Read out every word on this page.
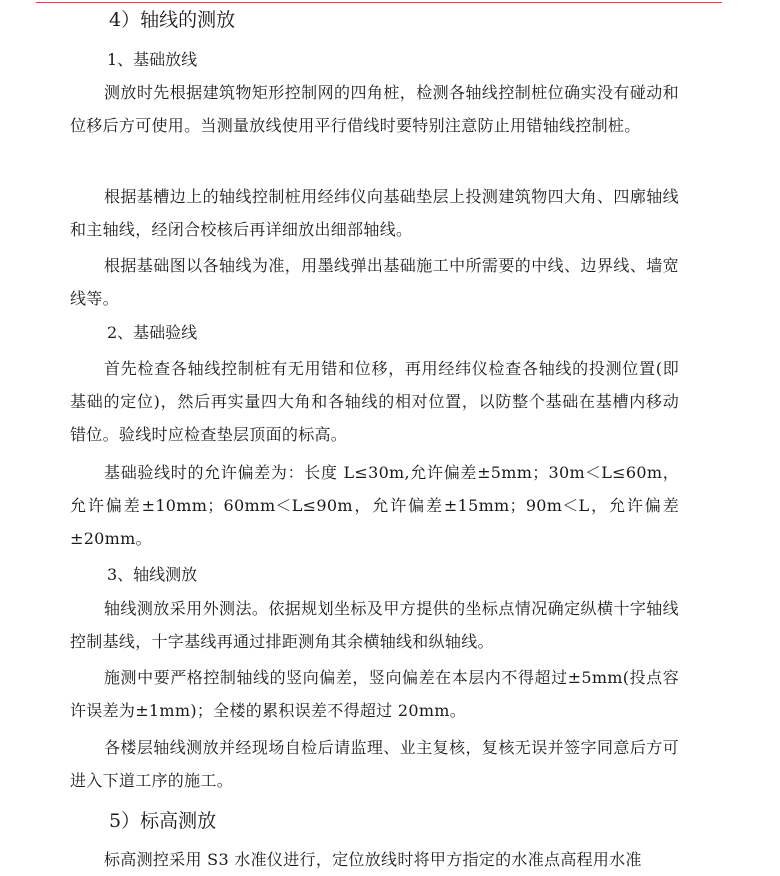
4）轴线的测放
1、基础放线
测放时先根据建筑物矩形控制网的四角桩，检测各轴线控制桩位确实没有碰动和位移后方可使用。当测量放线使用平行借线时要特别注意防止用错轴线控制桩。
根据基槽边上的轴线控制桩用经纬仪向基础垫层上投测建筑物四大角、四廓轴线和主轴线，经闭合校核后再详细放出细部轴线。
根据基础图以各轴线为准，用墨线弹出基础施工中所需要的中线、边界线、墙宽线等。
2、基础验线
首先检查各轴线控制桩有无用错和位移，再用经纬仪检查各轴线的投测位置(即基础的定位)，然后再实量四大角和各轴线的相对位置，以防整个基础在基槽内移动错位。验线时应检查垫层顶面的标高。
基础验线时的允许偏差为：长度 L≤30m,允许偏差±5mm；30m＜L≤60m，允许偏差±10mm；60mm＜L≤90m，允许偏差±15mm；90m＜L，允许偏差±20mm。
3、轴线测放
轴线测放采用外测法。依据规划坐标及甲方提供的坐标点情况确定纵横十字轴线控制基线，十字基线再通过排距测角其余横轴线和纵轴线。
施测中要严格控制轴线的竖向偏差，竖向偏差在本层内不得超过±5mm(投点容许误差为±1mm)；全楼的累积误差不得超过 20mm。
各楼层轴线测放并经现场自检后请监理、业主复核，复核无误并签字同意后方可进入下道工序的施工。
5）标高测放
标高测控采用 S3 水准仪进行，定位放线时将甲方指定的水准点高程用水准
